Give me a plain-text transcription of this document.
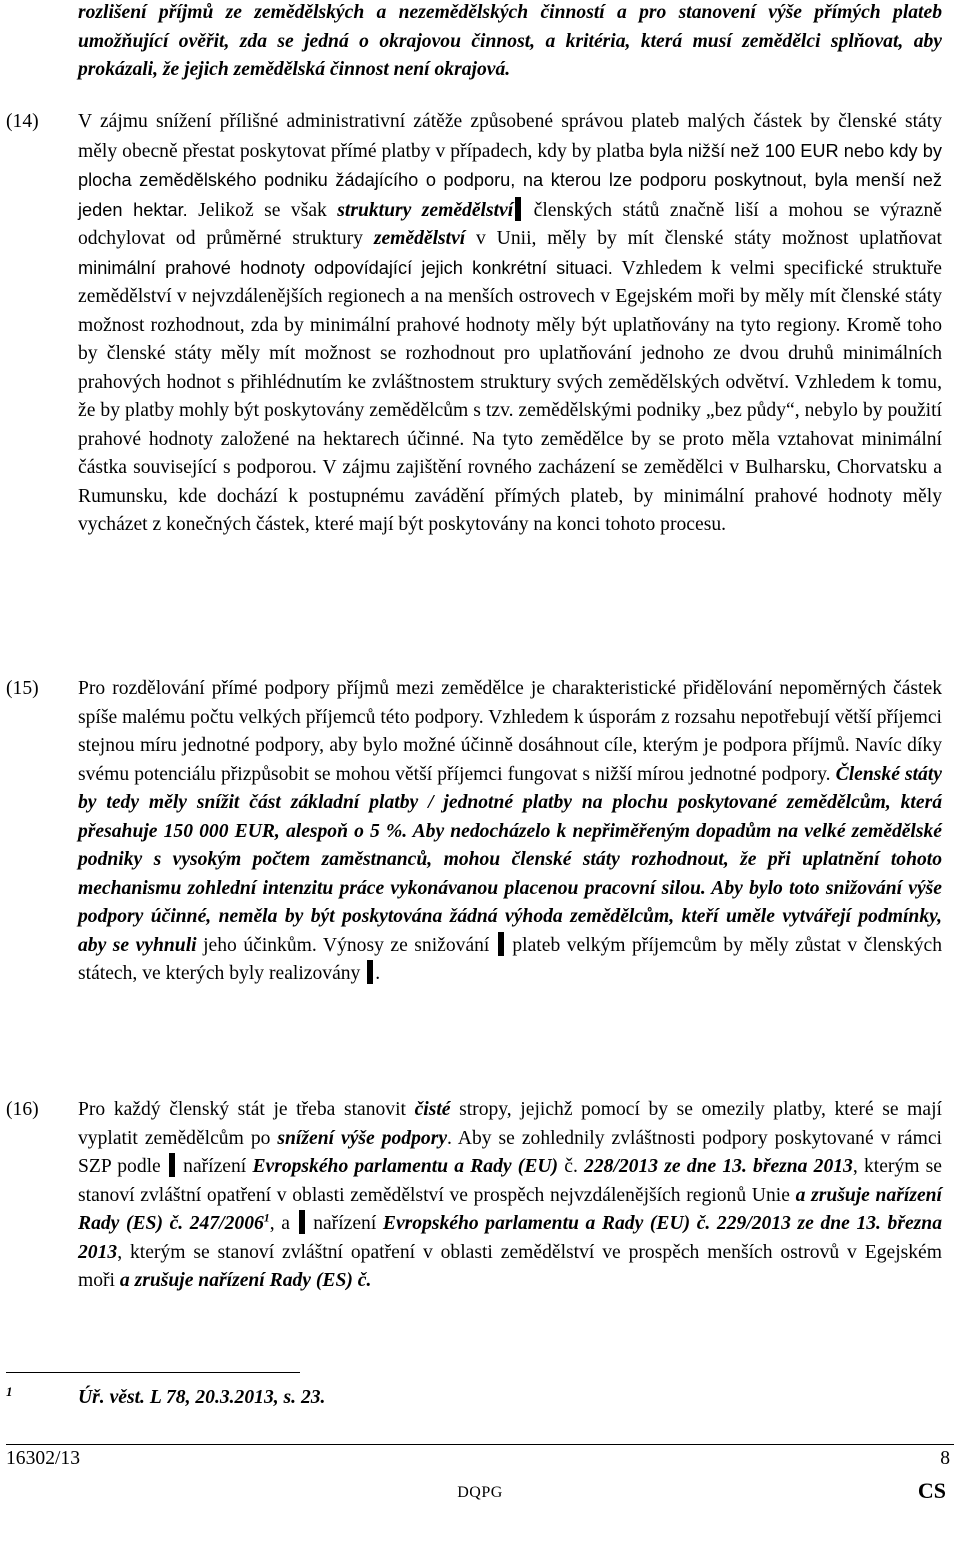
rozlišení příjmů ze zemědělských a nezemědělských činností a pro stanovení výše přímých plateb umožňující ověřit, zda se jedná o okrajovou činnost, a kritéria, která musí zemědělci splňovat, aby prokázali, že jejich zemědělská činnost není okrajová.
(14) V zájmu snížení přílišné administrativní zátěže způsobené správou plateb malých částek by členské státy měly obecně přestat poskytovat přímé platby v případech, kdy by platba byla nižší než 100 EUR nebo kdy by plocha zemědělského podniku žádajícího o podporu, na kterou lze podporu poskytnout, byla menší než jeden hektar. Jelikož se však struktury zemědělství členských států značně liší a mohou se výrazně odchylovat od průměrné struktury zemědělství v Unii, měly by mít členské státy možnost uplatňovat minimální prahové hodnoty odpovídající jejich konkrétní situaci. Vzhledem k velmi specifické struktuře zemědělství v nejvzdálenějších regionech a na menších ostrovech v Egejském moři by měly mít členské státy možnost rozhodnout, zda by minimální prahové hodnoty měly být uplatňovány na tyto regiony. Kromě toho by členské státy měly mít možnost se rozhodnout pro uplatňování jednoho ze dvou druhů minimálních prahových hodnot s přihlédnutím ke zvláštnostem struktury svých zemědělských odvětví. Vzhledem k tomu, že by platby mohly být poskytovány zemědělcům s tzv. zemědělskými podniky „bez půdy“, nebylo by použití prahové hodnoty založené na hektarech účinné. Na tyto zemědělce by se proto měla vztahovat minimální částka související s podporou. V zájmu zajištění rovného zacházení se zemědělci v Bulharsku, Chorvatsku a Rumunsku, kde dochází k postupnému zavádění přímých plateb, by minimální prahové hodnoty měly vycházet z konečných částek, které mají být poskytovány na konci tohoto procesu.
(15) Pro rozdělování přímé podpory příjmů mezi zemědělce je charakteristické přidělování nepoměrných částek spíše malému počtu velkých příjemců této podpory. Vzhledem k úsporám z rozsahu nepotřebují větší příjemci stejnou míru jednotné podpory, aby bylo možné účinně dosáhnout cíle, kterým je podpora příjmů. Navíc díky svému potenciálu přizpůsobit se mohou větší příjemci fungovat s nižší mírou jednotné podpory. Členské státy by tedy měly snížit část základní platby / jednotné platby na plochu poskytované zemědělcům, která přesahuje 150 000 EUR, alespoň o 5 %. Aby nedocházelo k nepřiměřeným dopadům na velké zemědělské podniky s vysokým počtem zaměstnanců, mohou členské státy rozhodnout, že při uplatnění tohoto mechanismu zohlední intenzitu práce vykonávanou placenou pracovní silou. Aby bylo toto snižování výše podpory účinné, neměla by být poskytována žádná výhoda zemědělcům, kteří uměle vytvářejí podmínky, aby se vyhnuli jeho účinkům. Výnosy ze snižování  plateb velkým příjemcům by měly zůstat v členských státech, ve kterých byly realizovány .
(16) Pro každý členský stát je třeba stanovit čisté stropy, jejichž pomocí by se omezily platby, které se mají vyplatit zemědělcům po snížení výše podpory. Aby se zohlednily zvláštnosti podpory poskytované v rámci SZP podle  nařízení Evropského parlamentu a Rady (EU) č. 228/2013 ze dne 13. března 2013, kterým se stanoví zvláštní opatření v oblasti zemědělství ve prospěch nejvzdálenějších regionů Unie a zrušuje nařízení Rady (ES) č. 247/2006$^1$, a  nařízení Evropského parlamentu a Rady (EU) č. 229/2013 ze dne 13. března 2013, kterým se stanoví zvláštní opatření v oblasti zemědělství ve prospěch menších ostrovů v Egejském moři a zrušuje nařízení Rady (ES) č.
1	Úř. věst. L 78, 20.3.2013, s. 23.
16302/13	8
DQPG	CS
